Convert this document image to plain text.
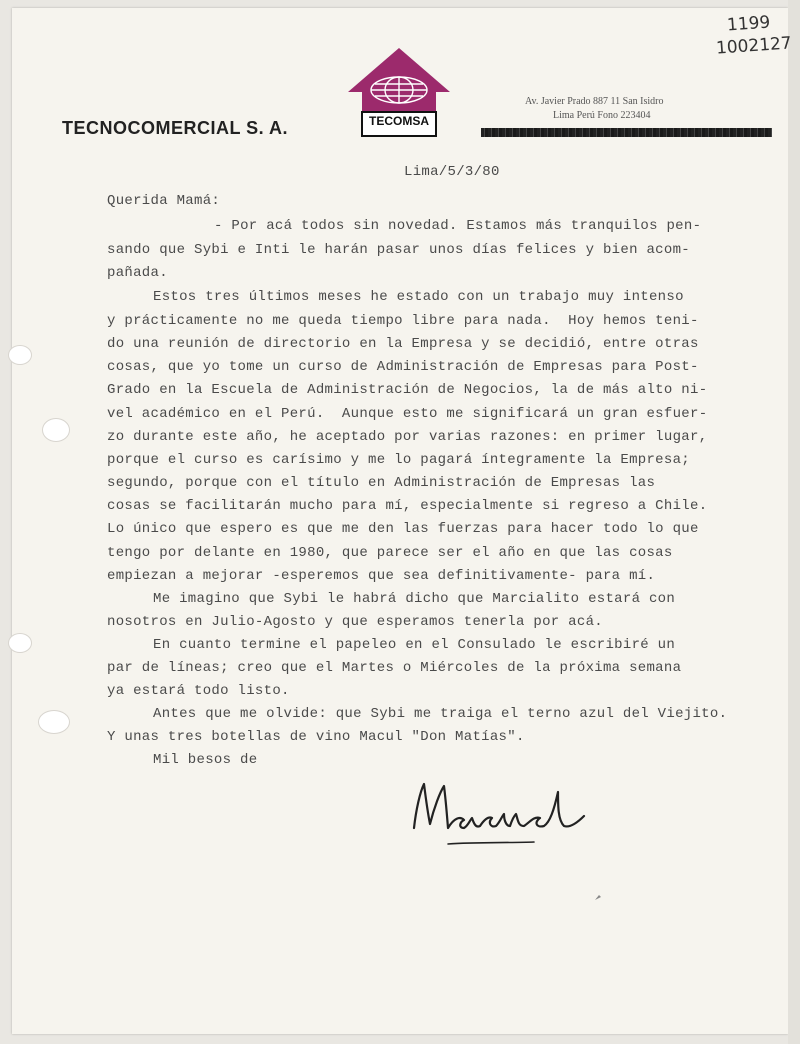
1199
1002127
TECNOCOMERCIAL S. A.	TECOMSA
Av. Javier Prado 887 11 San Isidro
Lima Perú Fono 223404
Lima/5/3/80
Querida Mamá:
- Por acá todos sin novedad. Estamos más tranquilos pen-
sando que Sybi e Inti le harán pasar unos días felices y bien acom-
pañada.
Estos tres últimos meses he estado con un trabajo muy intenso
y prácticamente no me queda tiempo libre para nada.  Hoy hemos teni-
do una reunión de directorio en la Empresa y se decidió, entre otras
cosas, que yo tome un curso de Administración de Empresas para Post-
Grado en la Escuela de Administración de Negocios, la de más alto ni-
vel académico en el Perú.  Aunque esto me significará un gran esfuer-
zo durante este año, he aceptado por varias razones: en primer lugar,
porque el curso es carísimo y me lo pagará íntegramente la Empresa;
segundo, porque con el título en Administración de Empresas las
cosas se facilitarán mucho para mí, especialmente si regreso a Chile.
Lo único que espero es que me den las fuerzas para hacer todo lo que
tengo por delante en 1980, que parece ser el año en que las cosas
empiezan a mejorar -esperemos que sea definitivamente- para mí.
Me imagino que Sybi le habrá dicho que Marcialito estará con
nosotros en Julio-Agosto y que esperamos tenerla por acá.
En cuanto termine el papeleo en el Consulado le escribiré un
par de líneas; creo que el Martes o Miércoles de la próxima semana
ya estará todo listo.
Antes que me olvide: que Sybi me traiga el terno azul del Viejito.
Y unas tres botellas de vino Macul "Don Matías".
Mil besos de
